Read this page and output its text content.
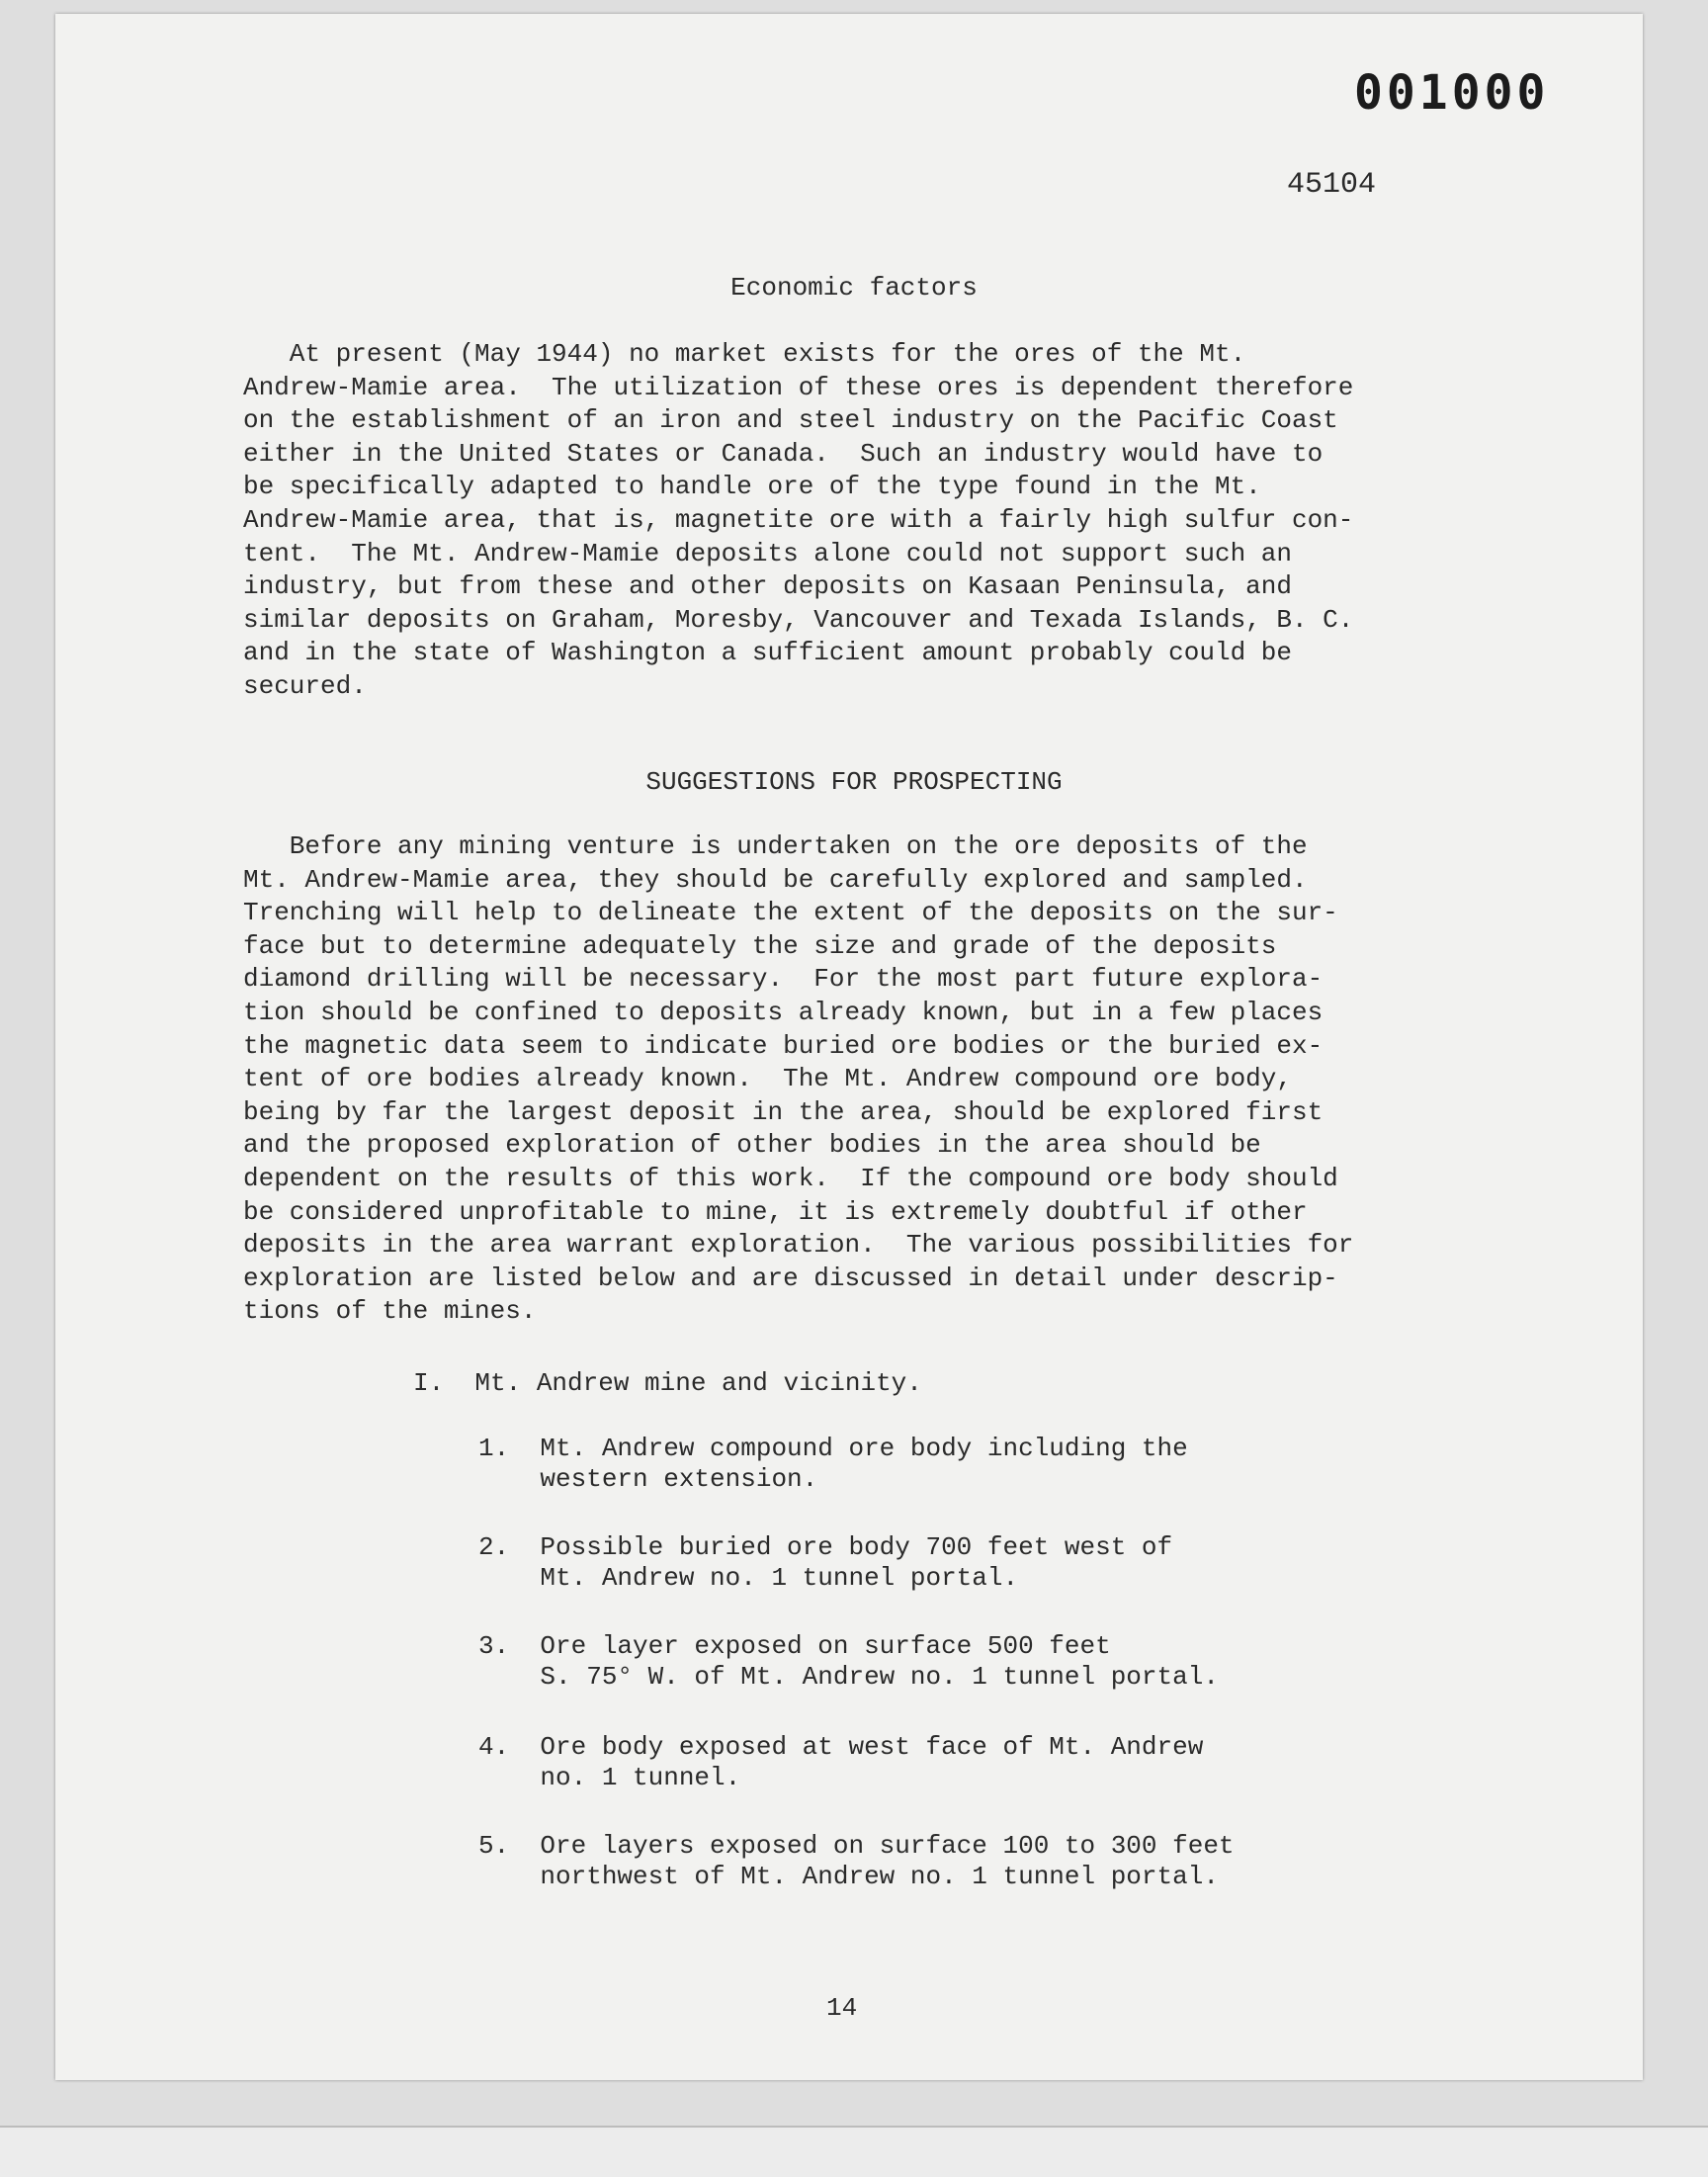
001000
45104
Economic factors
At present (May 1944) no market exists for the ores of the Mt.
Andrew-Mamie area.  The utilization of these ores is dependent therefore
on the establishment of an iron and steel industry on the Pacific Coast
either in the United States or Canada.  Such an industry would have to
be specifically adapted to handle ore of the type found in the Mt.
Andrew-Mamie area, that is, magnetite ore with a fairly high sulfur con-
tent.  The Mt. Andrew-Mamie deposits alone could not support such an
industry, but from these and other deposits on Kasaan Peninsula, and
similar deposits on Graham, Moresby, Vancouver and Texada Islands, B. C.
and in the state of Washington a sufficient amount probably could be
secured.
SUGGESTIONS FOR PROSPECTING
Before any mining venture is undertaken on the ore deposits of the
Mt. Andrew-Mamie area, they should be carefully explored and sampled.
Trenching will help to delineate the extent of the deposits on the sur-
face but to determine adequately the size and grade of the deposits
diamond drilling will be necessary.  For the most part future explora-
tion should be confined to deposits already known, but in a few places
the magnetic data seem to indicate buried ore bodies or the buried ex-
tent of ore bodies already known.  The Mt. Andrew compound ore body,
being by far the largest deposit in the area, should be explored first
and the proposed exploration of other bodies in the area should be
dependent on the results of this work.  If the compound ore body should
be considered unprofitable to mine, it is extremely doubtful if other
deposits in the area warrant exploration.  The various possibilities for
exploration are listed below and are discussed in detail under descrip-
tions of the mines.
I.  Mt. Andrew mine and vicinity.
1.  Mt. Andrew compound ore body including the
western extension.
2.  Possible buried ore body 700 feet west of
Mt. Andrew no. 1 tunnel portal.
3.  Ore layer exposed on surface 500 feet
S. 75° W. of Mt. Andrew no. 1 tunnel portal.
4.  Ore body exposed at west face of Mt. Andrew
no. 1 tunnel.
5.  Ore layers exposed on surface 100 to 300 feet
northwest of Mt. Andrew no. 1 tunnel portal.
14
